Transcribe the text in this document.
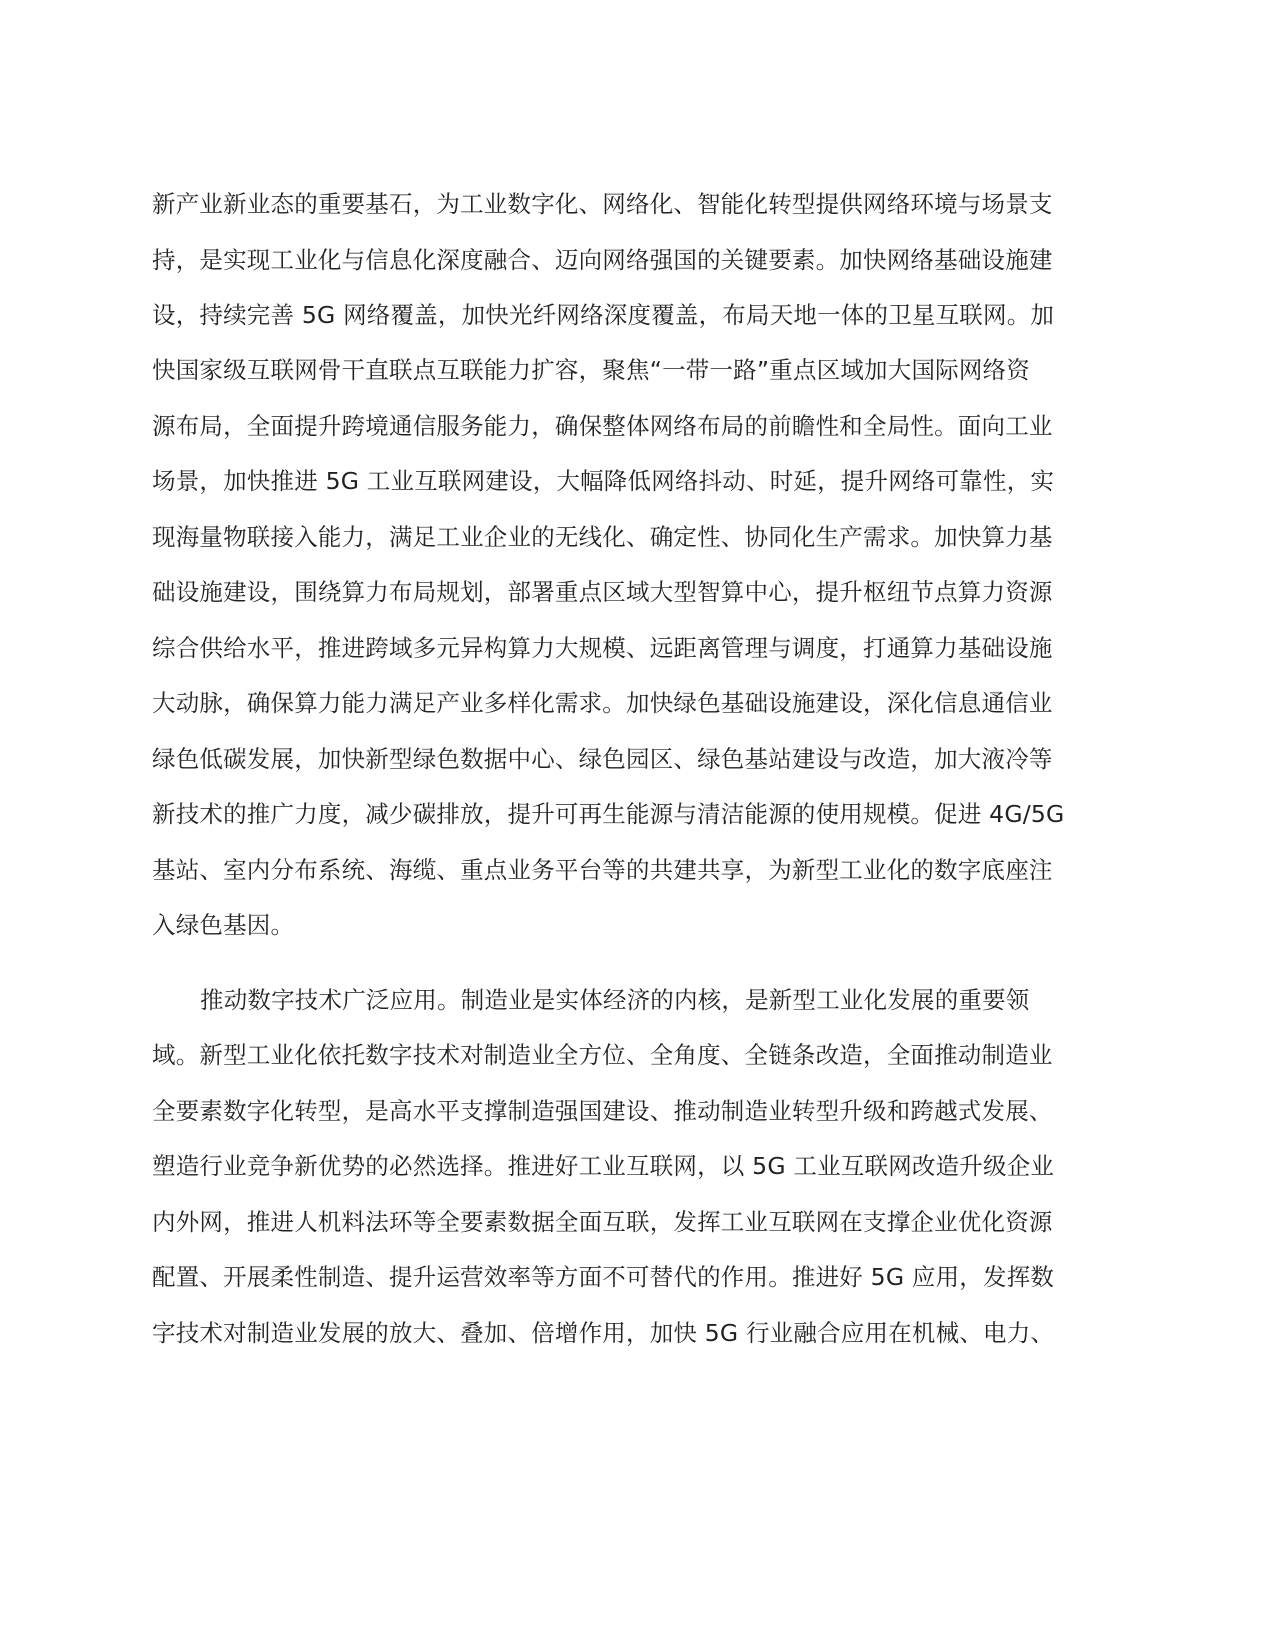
新产业新业态的重要基石，为工业数字化、网络化、智能化转型提供网络环境与场景支
持，是实现工业化与信息化深度融合、迈向网络强国的关键要素。加快网络基础设施建
设，持续完善 5G 网络覆盖，加快光纤网络深度覆盖，布局天地一体的卫星互联网。加
快国家级互联网骨干直联点互联能力扩容，聚焦“一带一路”重点区域加大国际网络资
源布局，全面提升跨境通信服务能力，确保整体网络布局的前瞻性和全局性。面向工业
场景，加快推进 5G 工业互联网建设，大幅降低网络抖动、时延，提升网络可靠性，实
现海量物联接入能力，满足工业企业的无线化、确定性、协同化生产需求。加快算力基
础设施建设，围绕算力布局规划，部署重点区域大型智算中心，提升枢纽节点算力资源
综合供给水平，推进跨域多元异构算力大规模、远距离管理与调度，打通算力基础设施
大动脉，确保算力能力满足产业多样化需求。加快绿色基础设施建设，深化信息通信业
绿色低碳发展，加快新型绿色数据中心、绿色园区、绿色基站建设与改造，加大液冷等
新技术的推广力度，减少碳排放，提升可再生能源与清洁能源的使用规模。促进 4G/5G
基站、室内分布系统、海缆、重点业务平台等的共建共享，为新型工业化的数字底座注
入绿色基因。
推动数字技术广泛应用。制造业是实体经济的内核，是新型工业化发展的重要领
域。新型工业化依托数字技术对制造业全方位、全角度、全链条改造，全面推动制造业
全要素数字化转型，是高水平支撑制造强国建设、推动制造业转型升级和跨越式发展、
塑造行业竞争新优势的必然选择。推进好工业互联网，以 5G 工业互联网改造升级企业
内外网，推进人机料法环等全要素数据全面互联，发挥工业互联网在支撑企业优化资源
配置、开展柔性制造、提升运营效率等方面不可替代的作用。推进好 5G 应用，发挥数
字技术对制造业发展的放大、叠加、倍增作用，加快 5G 行业融合应用在机械、电力、
